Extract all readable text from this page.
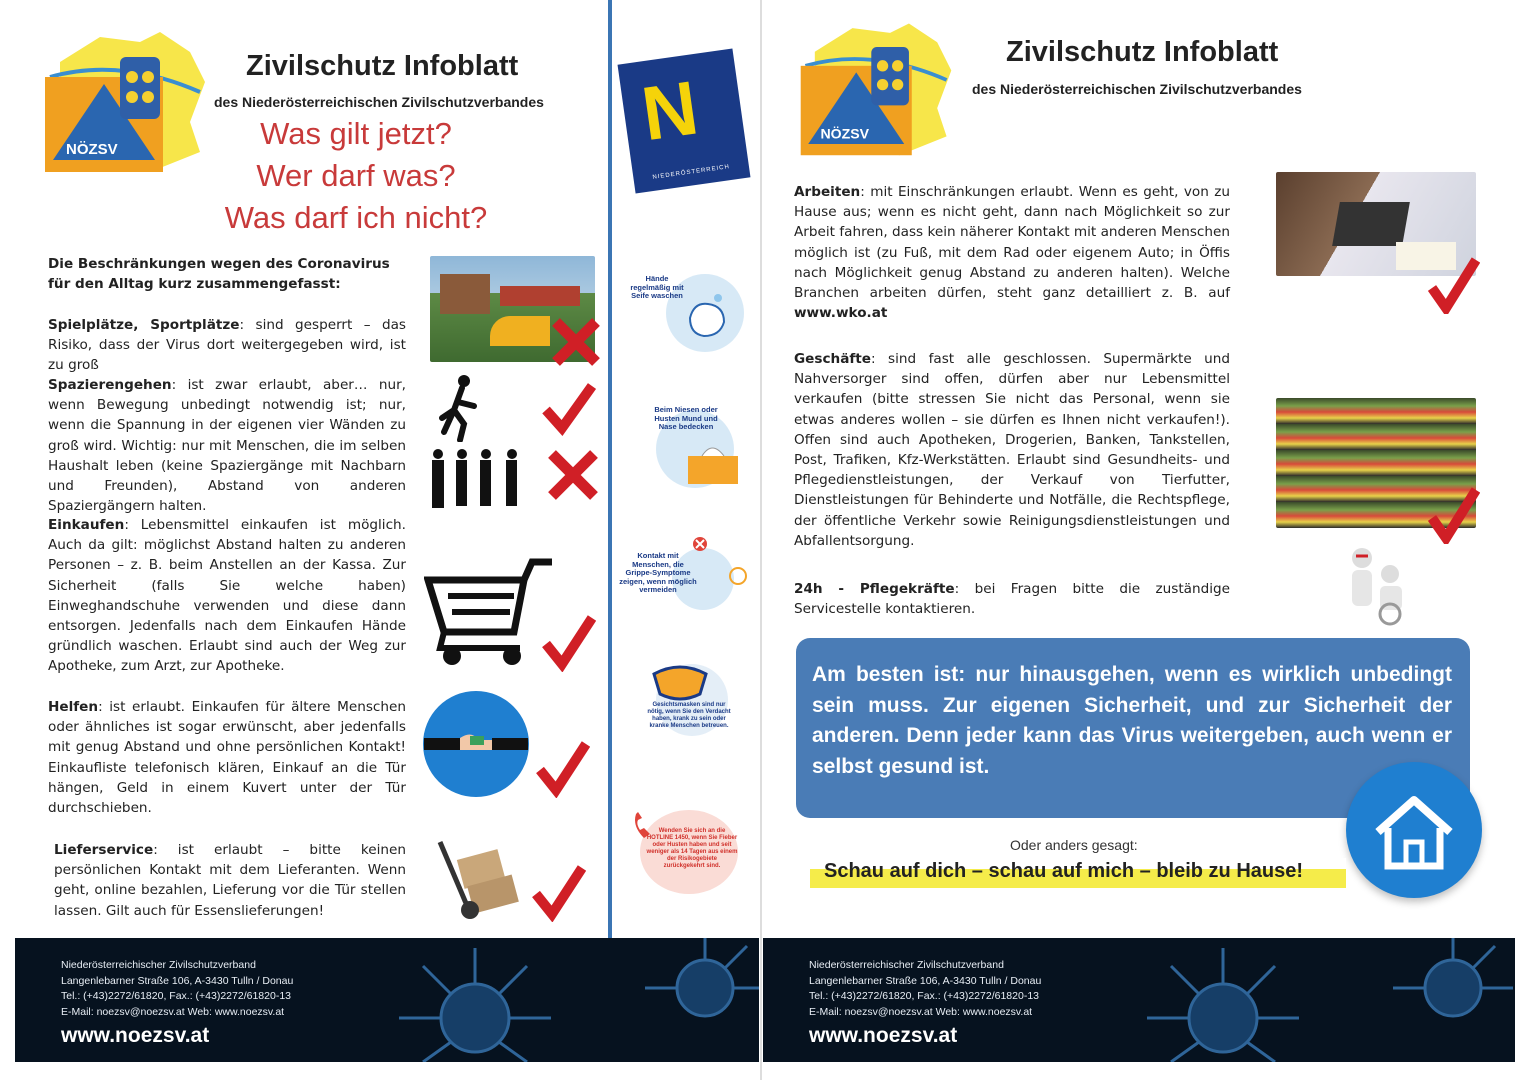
NÖZSV
Zivilschutz Infoblatt
des Niederösterreichischen Zivilschutzverbandes
Was gilt jetzt?
Wer darf was?
Was darf ich nicht?
Die Beschränkungen wegen des Coronavirus für den Alltag kurz zusammengefasst:
Spielplätze, Sportplätze: sind gesperrt – das Risiko, dass der Virus dort weitergegeben wird, ist zu groß
Spazierengehen: ist zwar erlaubt, aber… nur, wenn Bewegung unbedingt notwendig ist; nur, wenn die Spannung in der eigenen vier Wänden zu groß wird. Wichtig: nur mit Menschen, die im selben Haushalt leben (keine Spaziergänge mit Nachbarn und Freunden), Abstand von anderen Spaziergängern halten.
Einkaufen: Lebensmittel einkaufen ist möglich. Auch da gilt: möglichst Abstand halten zu anderen Personen – z. B. beim Anstellen an der Kassa. Zur Sicherheit (falls Sie welche haben) Einweghandschuhe verwenden und diese dann entsorgen. Jedenfalls nach dem Einkaufen Hände gründlich waschen. Erlaubt sind auch der Weg zur Apotheke, zum Arzt, zur Apotheke.
Helfen: ist erlaubt. Einkaufen für ältere Menschen oder ähnliches ist sogar erwünscht, aber jedenfalls mit genug Abstand und ohne persönlichen Kontakt! Einkaufliste telefonisch klären, Einkauf an die Tür hängen, Geld in einem Kuvert unter der Tür durchschieben.
Lieferservice: ist erlaubt – bitte keinen persönlichen Kontakt mit dem Lieferanten. Wenn geht, online bezahlen, Lieferung vor die Tür stellen lassen. Gilt auch für Essenslieferungen!
N
NIEDERÖSTERREICH
Hände regelmäßig mit Seife waschen
Beim Niesen oder Husten Mund und Nase bedecken
Kontakt mit Menschen, die Grippe-Symptome zeigen, wenn möglich vermeiden
Gesichtsmasken sind nur nötig, wenn Sie den Verdacht haben, krank zu sein oder kranke Menschen betreuen.
Wenden Sie sich an die HOTLINE 1450, wenn Sie Fieber oder Husten haben und seit weniger als 14 Tagen aus einem der Risikogebiete zurückgekehrt sind.
NÖZSV
Zivilschutz Infoblatt
des Niederösterreichischen Zivilschutzverbandes
Arbeiten: mit Einschränkungen erlaubt. Wenn es geht, von zu Hause aus; wenn es nicht geht, dann nach Möglichkeit so zur Arbeit fahren, dass kein näherer Kontakt mit anderen Menschen möglich ist (zu Fuß, mit dem Rad oder eigenem Auto; in Öffis nach Möglichkeit genug Abstand zu anderen halten). Welche Branchen arbeiten dürfen, steht ganz detailliert z. B. auf www.wko.at
Geschäfte: sind fast alle geschlossen. Supermärkte und Nahversorger sind offen, dürfen aber nur Lebensmittel verkaufen (bitte stressen Sie nicht das Personal, wenn sie etwas anderes wollen – sie dürfen es Ihnen nicht verkaufen!). Offen sind auch Apotheken, Drogerien, Banken, Tankstellen, Post, Trafiken, Kfz-Werkstätten. Erlaubt sind Gesundheits- und Pflegedienstleistungen, der Verkauf von Tierfutter, Dienstleistungen für Behinderte und Notfälle, die Rechtspflege, der öffentliche Verkehr sowie Reinigungsdienstleistungen und Abfallentsorgung.
24h - Pflegekräfte: bei Fragen bitte die zuständige Servicestelle kontaktieren.
Am besten ist: nur hinausgehen, wenn es wirklich unbedingt sein muss. Zur eigenen Sicherheit, und zur Sicherheit der anderen. Denn jeder kann das Virus weitergeben, auch wenn er selbst gesund ist.
Oder anders gesagt:
Schau auf dich – schau auf mich – bleib zu Hause!
Niederösterreichischer Zivilschutzverband
Langenlebarner Straße 106, A-3430 Tulln / Donau
Tel.: (+43)2272/61820, Fax.: (+43)2272/61820-13
E-Mail: noezsv@noezsv.at Web: www.noezsv.at
www.noezsv.at
Niederösterreichischer Zivilschutzverband
Langenlebarner Straße 106, A-3430 Tulln / Donau
Tel.: (+43)2272/61820, Fax.: (+43)2272/61820-13
E-Mail: noezsv@noezsv.at Web: www.noezsv.at
www.noezsv.at
